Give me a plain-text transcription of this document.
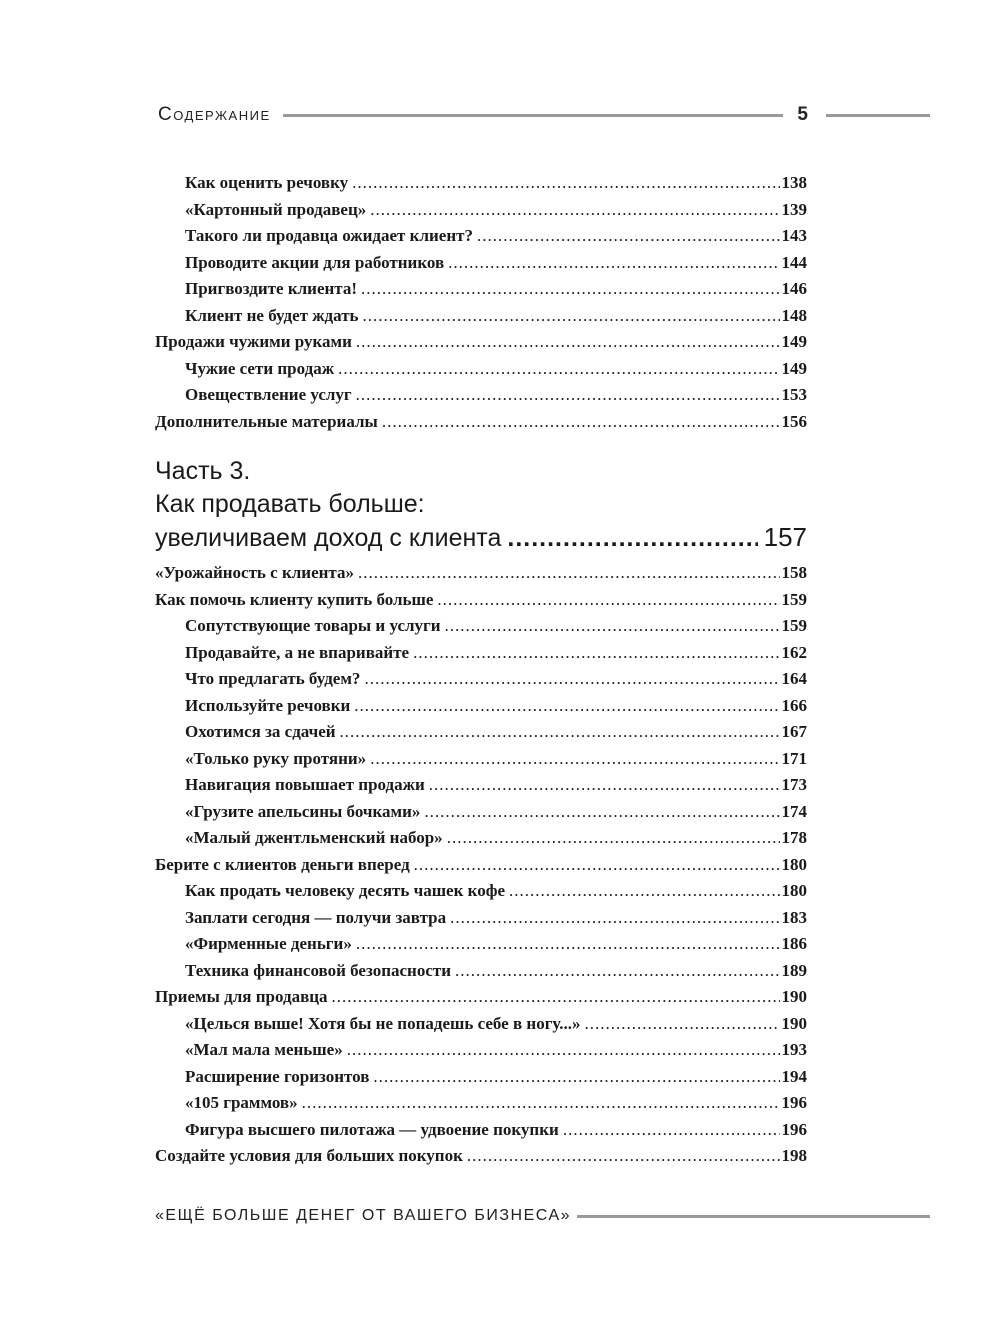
Содержание	5
Как оценить речовку .....	138
«Картонный продавец» .....	139
Такого ли продавца ожидает клиент? .....	143
Проводите акции для работников .....	144
Пригвоздите клиента! .....	146
Клиент не будет ждать .....	148
Продажи чужими руками .....	149
Чужие сети продаж .....	149
Овеществление услуг .....	153
Дополнительные материалы .....	156
Часть 3.
Как продавать больше:
увеличиваем доход с клиента .....	157
«Урожайность с клиента» .....	158
Как помочь клиенту купить больше .....	159
Сопутствующие товары и услуги .....	159
Продавайте, а не впаривайте .....	162
Что предлагать будем? .....	164
Используйте речовки .....	166
Охотимся за сдачей .....	167
«Только руку протяни» .....	171
Навигация повышает продажи .....	173
«Грузите апельсины бочками» .....	174
«Малый джентльменский набор» .....	178
Берите с клиентов деньги вперед .....	180
Как продать человеку десять чашек кофе .....	180
Заплати сегодня — получи завтра .....	183
«Фирменные деньги» .....	186
Техника финансовой безопасности .....	189
Приемы для продавца .....	190
«Целься выше! Хотя бы не попадешь себе в ногу...» .....	190
«Мал мала меньше» .....	193
Расширение горизонтов .....	194
«105 граммов» .....	196
Фигура высшего пилотажа — удвоение покупки .....	196
Создайте условия для больших покупок .....	198
«ЕЩЁ БОЛЬШЕ ДЕНЕГ ОТ ВАШЕГО БИЗНЕСА»
